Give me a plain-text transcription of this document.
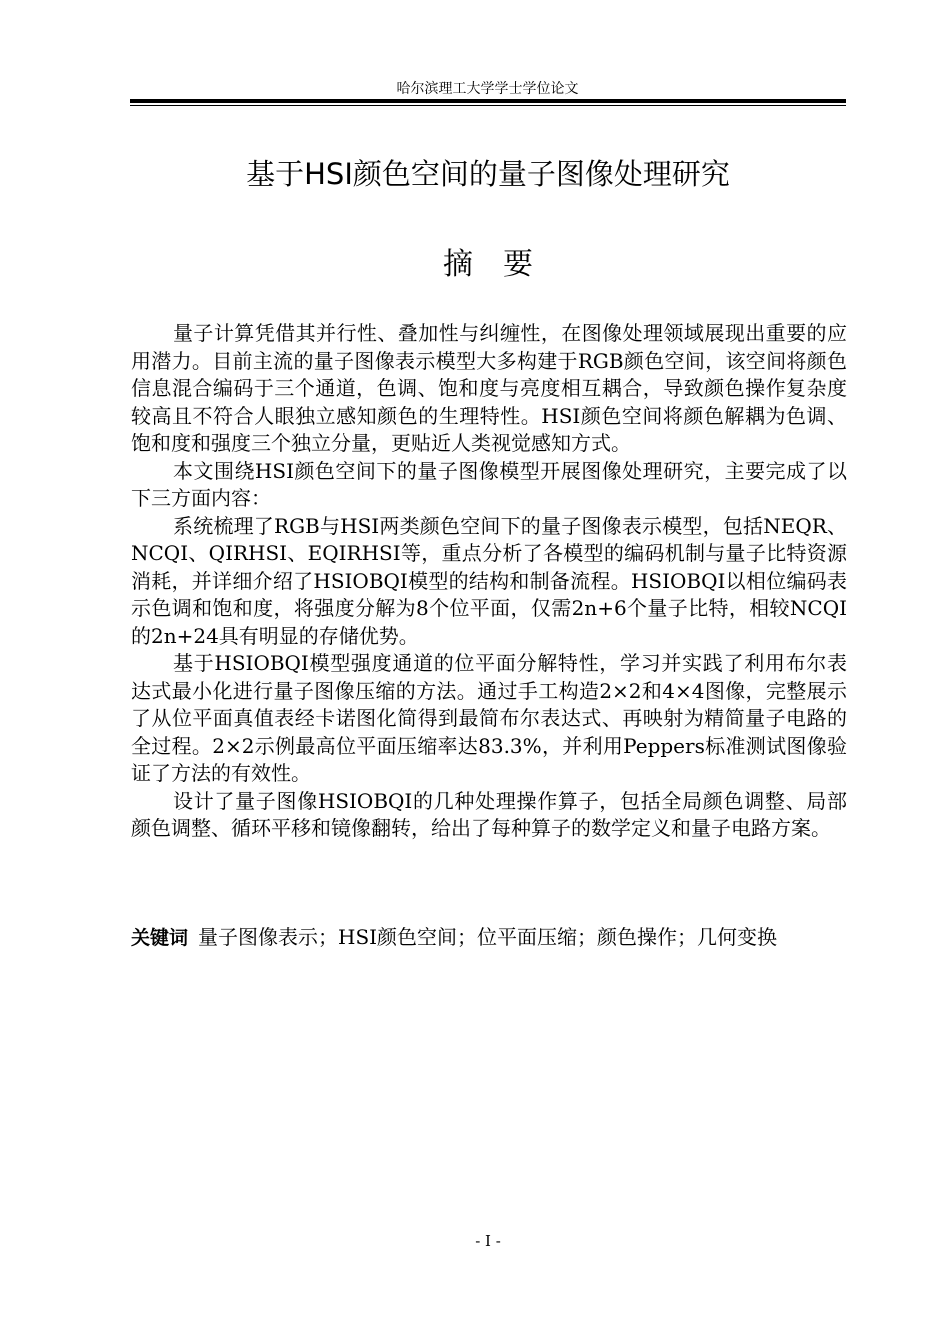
哈尔滨理工大学学士学位论文
基于HSI颜色空间的量子图像处理研究
摘要

量子计算凭借其并行性、叠加性与纠缠性，在图像处理领域展现出重要的应用潜力。目前主流的量子图像表示模型大多构建于RGB颜色空间，该空间将颜色信息混合编码于三个通道，色调、饱和度与亮度相互耦合，导致颜色操作复杂度较高且不符合人眼独立感知颜色的生理特性。HSI颜色空间将颜色解耦为色调、饱和度和强度三个独立分量，更贴近人类视觉感知方式。

本文围绕HSI颜色空间下的量子图像模型开展图像处理研究，主要完成了以下三方面内容：

系统梳理了RGB与HSI两类颜色空间下的量子图像表示模型，包括NEQR、NCQI、QIRHSI、EQIRHSI等，重点分析了各模型的编码机制与量子比特资源消耗，并详细介绍了HSIOBQI模型的结构和制备流程。HSIOBQI以相位编码表示色调和饱和度，将强度分解为8个位平面，仅需2n+6个量子比特，相较NCQI的2n+24具有明显的存储优势。

基于HSIOBQI模型强度通道的位平面分解特性，学习并实践了利用布尔表达式最小化进行量子图像压缩的方法。通过手工构造2×2和4×4图像，完整展示了从位平面真值表经卡诺图化简得到最简布尔表达式、再映射为精简量子电路的全过程。2×2示例最高位平面压缩率达83.3%，并利用Peppers标准测试图像验证了方法的有效性。

设计了量子图像HSIOBQI的几种处理操作算子，包括全局颜色调整、局部颜色调整、循环平移和镜像翻转，给出了每种算子的数学定义和量子电路方案。

关键词 量子图像表示；HSI颜色空间；位平面压缩；颜色操作；几何变换
- I -
